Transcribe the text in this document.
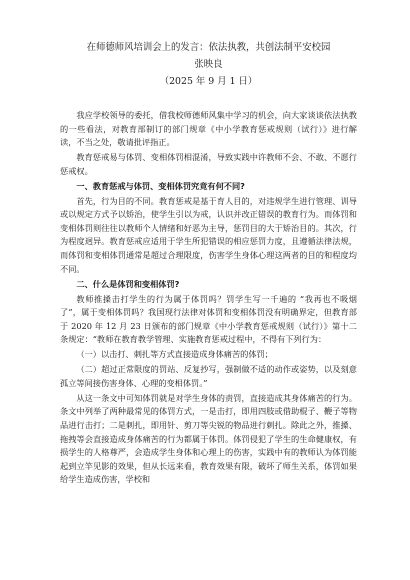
在师德师风培训会上的发言：依法执教，共创法制平安校园

张映良

（2025 年 9 月 1 日）

我应学校领导的委托，借我校师德师风集中学习的机会，向大家谈谈依法执教的一些看法，对教育部制订的部门规章《中小学教育惩戒规则（试行）》进行解读，不当之处，敬请批评指正。

教育惩戒易与体罚、变相体罚相混淆，导致实践中许教师不会、不敢、不愿行惩戒权。

一、教育惩戒与体罚、变相体罚究竟有何不同?

首先，行为目的不同。教育惩戒是基于育人目的，对违规学生进行管理、训导或以规定方式予以矫治，使学生引以为戒，认识并改正错误的教育行为。而体罚和变相体罚则往往以教师个人情绪和好恶为主导，惩罚目的大于矫治目的。其次，行为程度迥异。教育惩戒应适用于学生所犯错误的相应惩罚力度，且遵循法律法规，而体罚和变相体罚通常是超过合理限度，伤害学生身体心理这两者的目的和程度均不同。

二、什么是体罚和变相体罚?

教师推搡击打学生的行为属于体罚吗？罚学生写一千遍的 “我再也不吸烟了”，属于变相体罚吗？我国现行法律对体罚和变相体罚没有明确界定，但教育部于 2020 年 12 月 23 日颁布的部门规章《中小学教育惩戒规则（试行）》第十二条规定：“教师在教育教学管理、实施教育惩戒过程中，不得有下列行为：

（一）以击打、刺扎等方式直接造成身体痛苦的体罚；

（二）超过正常限度的罚站、反复抄写，强制做不适的动作或姿势，以及刻意孤立等间接伤害身体、心理的变相体罚。”

从这一条文中可知体罚就是对学生身体的责罚，直接造成其身体痛苦的行为。条文中列举了两种最常见的体罚方式，一是击打，即用四肢或借助棍子、鞭子等物品进行击打；二是刺扎，即用针、剪刀等尖锐的物品进行刺扎。除此之外，推搡、拖拽等会直接造成身体痛苦的行为都属于体罚。体罚侵犯了学生的生命健康权，有损学生的人格尊严，会造成学生身体和心理上的伤害，实践中有的教师认为体罚能起到立竿见影的效果，但从长远来看，教育效果有限，破坏了师生关系，体罚如果给学生造成伤害，学校和
